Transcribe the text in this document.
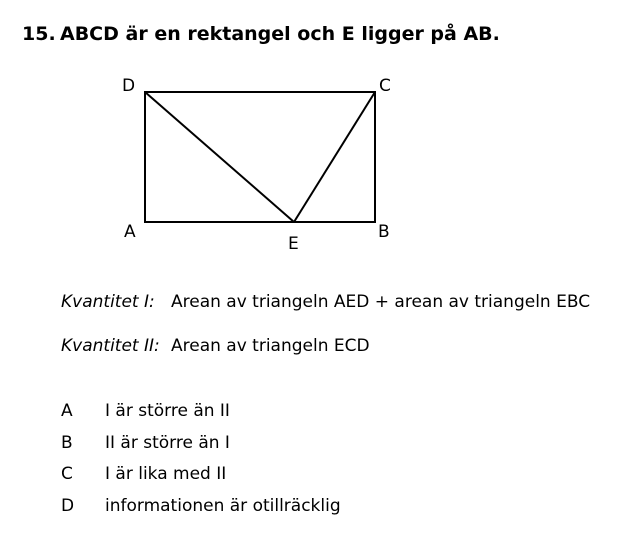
15. ABCD är en rektangel och E ligger på AB.
D	C
A	B
E
Kvantitet I: Arean av triangeln AED + arean av triangeln EBC
Kvantitet II: Arean av triangeln ECD
A I är större än II
B II är större än I
C I är lika med II
D informationen är otillräcklig
